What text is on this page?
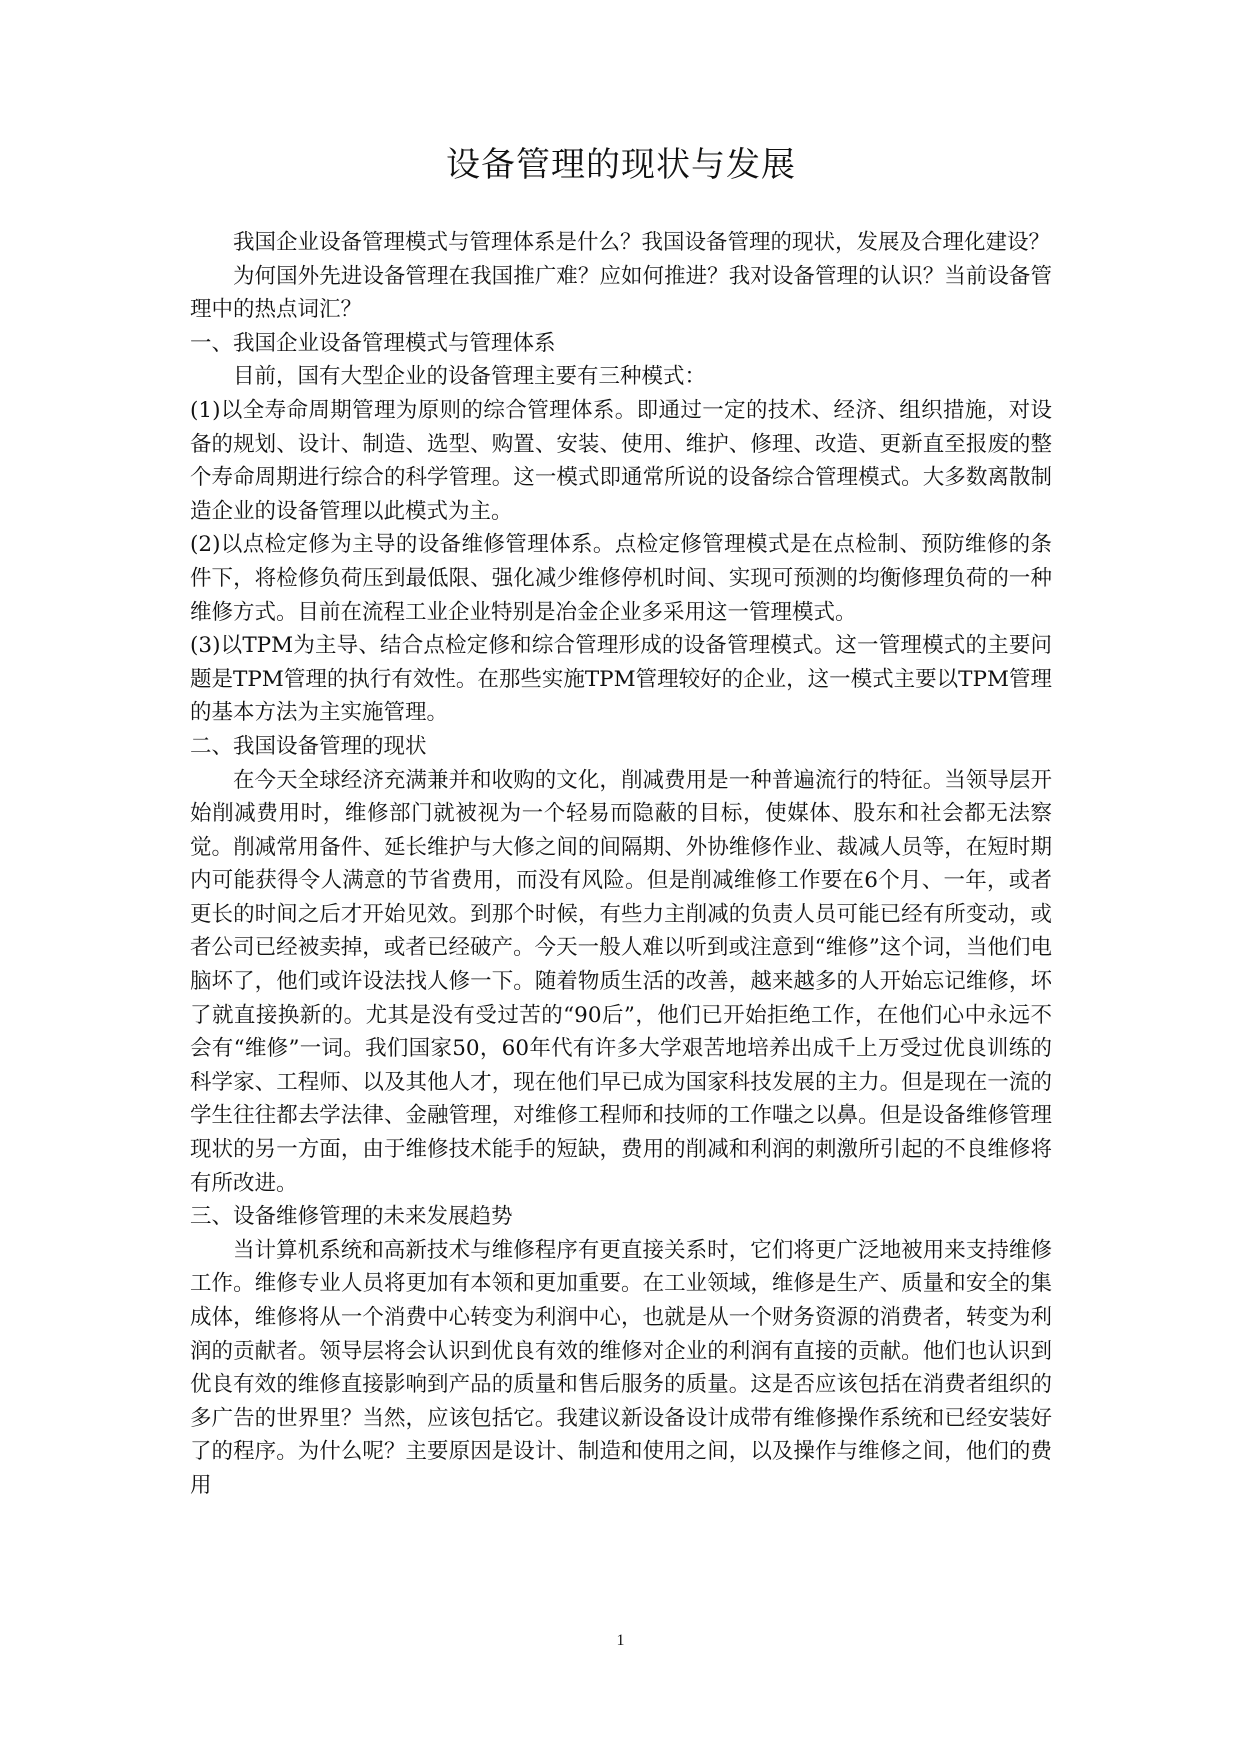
设备管理的现状与发展

我国企业设备管理模式与管理体系是什么？我国设备管理的现状，发展及合理化建设？

为何国外先进设备管理在我国推广难？应如何推进？我对设备管理的认识？当前设备管理中的热点词汇？

一、我国企业设备管理模式与管理体系

目前，国有大型企业的设备管理主要有三种模式：

(1)以全寿命周期管理为原则的综合管理体系。即通过一定的技术、经济、组织措施，对设备的规划、设计、制造、选型、购置、安装、使用、维护、修理、改造、更新直至报废的整个寿命周期进行综合的科学管理。这一模式即通常所说的设备综合管理模式。大多数离散制造企业的设备管理以此模式为主。

(2)以点检定修为主导的设备维修管理体系。点检定修管理模式是在点检制、预防维修的条件下，将检修负荷压到最低限、强化减少维修停机时间、实现可预测的均衡修理负荷的一种维修方式。目前在流程工业企业特别是冶金企业多采用这一管理模式。

(3)以TPM为主导、结合点检定修和综合管理形成的设备管理模式。这一管理模式的主要问题是TPM管理的执行有效性。在那些实施TPM管理较好的企业，这一模式主要以TPM管理的基本方法为主实施管理。

二、我国设备管理的现状

在今天全球经济充满兼并和收购的文化，削减费用是一种普遍流行的特征。当领导层开始削减费用时，维修部门就被视为一个轻易而隐蔽的目标，使媒体、股东和社会都无法察觉。削减常用备件、延长维护与大修之间的间隔期、外协维修作业、裁减人员等，在短时期内可能获得令人满意的节省费用，而没有风险。但是削减维修工作要在6个月、一年，或者更长的时间之后才开始见效。到那个时候，有些力主削减的负责人员可能已经有所变动，或者公司已经被卖掉，或者已经破产。今天一般人难以听到或注意到“维修”这个词，当他们电脑坏了，他们或许设法找人修一下。随着物质生活的改善，越来越多的人开始忘记维修，坏了就直接换新的。尤其是没有受过苦的“90后”，他们已开始拒绝工作，在他们心中永远不会有“维修”一词。我们国家50，60年代有许多大学艰苦地培养出成千上万受过优良训练的科学家、工程师、以及其他人才，现在他们早已成为国家科技发展的主力。但是现在一流的学生往往都去学法律、金融管理，对维修工程师和技师的工作嗤之以鼻。但是设备维修管理现状的另一方面，由于维修技术能手的短缺，费用的削减和利润的刺激所引起的不良维修将有所改进。

三、设备维修管理的未来发展趋势

当计算机系统和高新技术与维修程序有更直接关系时，它们将更广泛地被用来支持维修工作。维修专业人员将更加有本领和更加重要。在工业领域，维修是生产、质量和安全的集成体，维修将从一个消费中心转变为利润中心，也就是从一个财务资源的消费者，转变为利润的贡献者。领导层将会认识到优良有效的维修对企业的利润有直接的贡献。他们也认识到优良有效的维修直接影响到产品的质量和售后服务的质量。这是否应该包括在消费者组织的多广告的世界里？当然，应该包括它。我建议新设备设计成带有维修操作系统和已经安装好了的程序。为什么呢？主要原因是设计、制造和使用之间，以及操作与维修之间，他们的费用

1
